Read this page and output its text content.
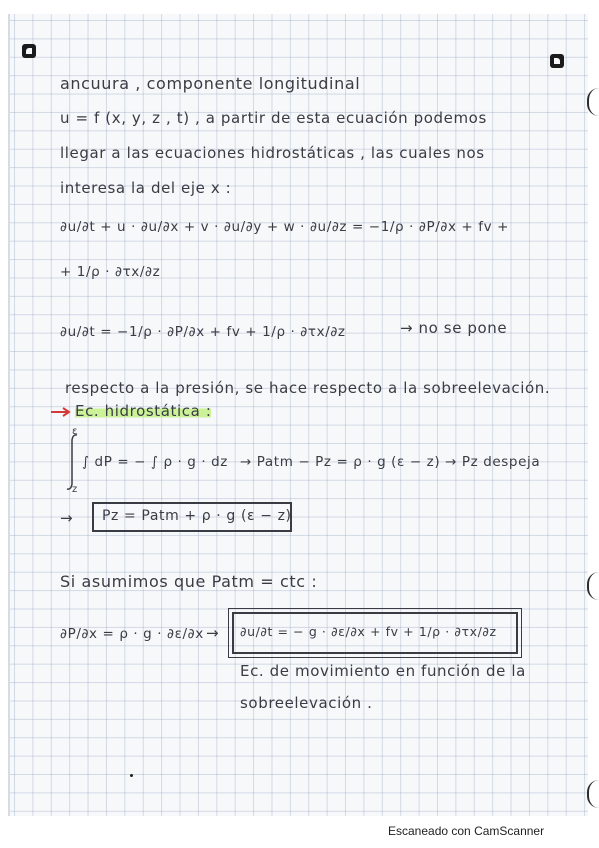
ancuura , componente longitudinal
u = f (x, y, z , t) , a partir de esta ecuación podemos
llegar a las ecuaciones hidrostáticas , las cuales nos
interesa la del eje x :
∂u/∂t + u · ∂u/∂x + v · ∂u/∂y + w · ∂u/∂z = −1/ρ · ∂P/∂x + fv +
+ 1/ρ · ∂τx/∂z
∂u/∂t = −1/ρ · ∂P/∂x + fv + 1/ρ · ∂τx/∂z	→ no se pone
respecto a la presión, se hace respecto a la sobreelevación.
Ec. hidrostática :
ε
z
∫ dP = − ∫ ρ · g · dz → Patm − Pz = ρ · g (ε − z) → Pz despeja
→ Pz = Patm + ρ · g (ε − z)
Si asumimos que Patm = ctc :
∂P/∂x = ρ · g · ∂ε/∂x → ∂u/∂t = − g · ∂ε/∂x + fv + 1/ρ · ∂τx/∂z
Ec. de movimiento en función de la
sobreelevación .
Escaneado con CamScanner
